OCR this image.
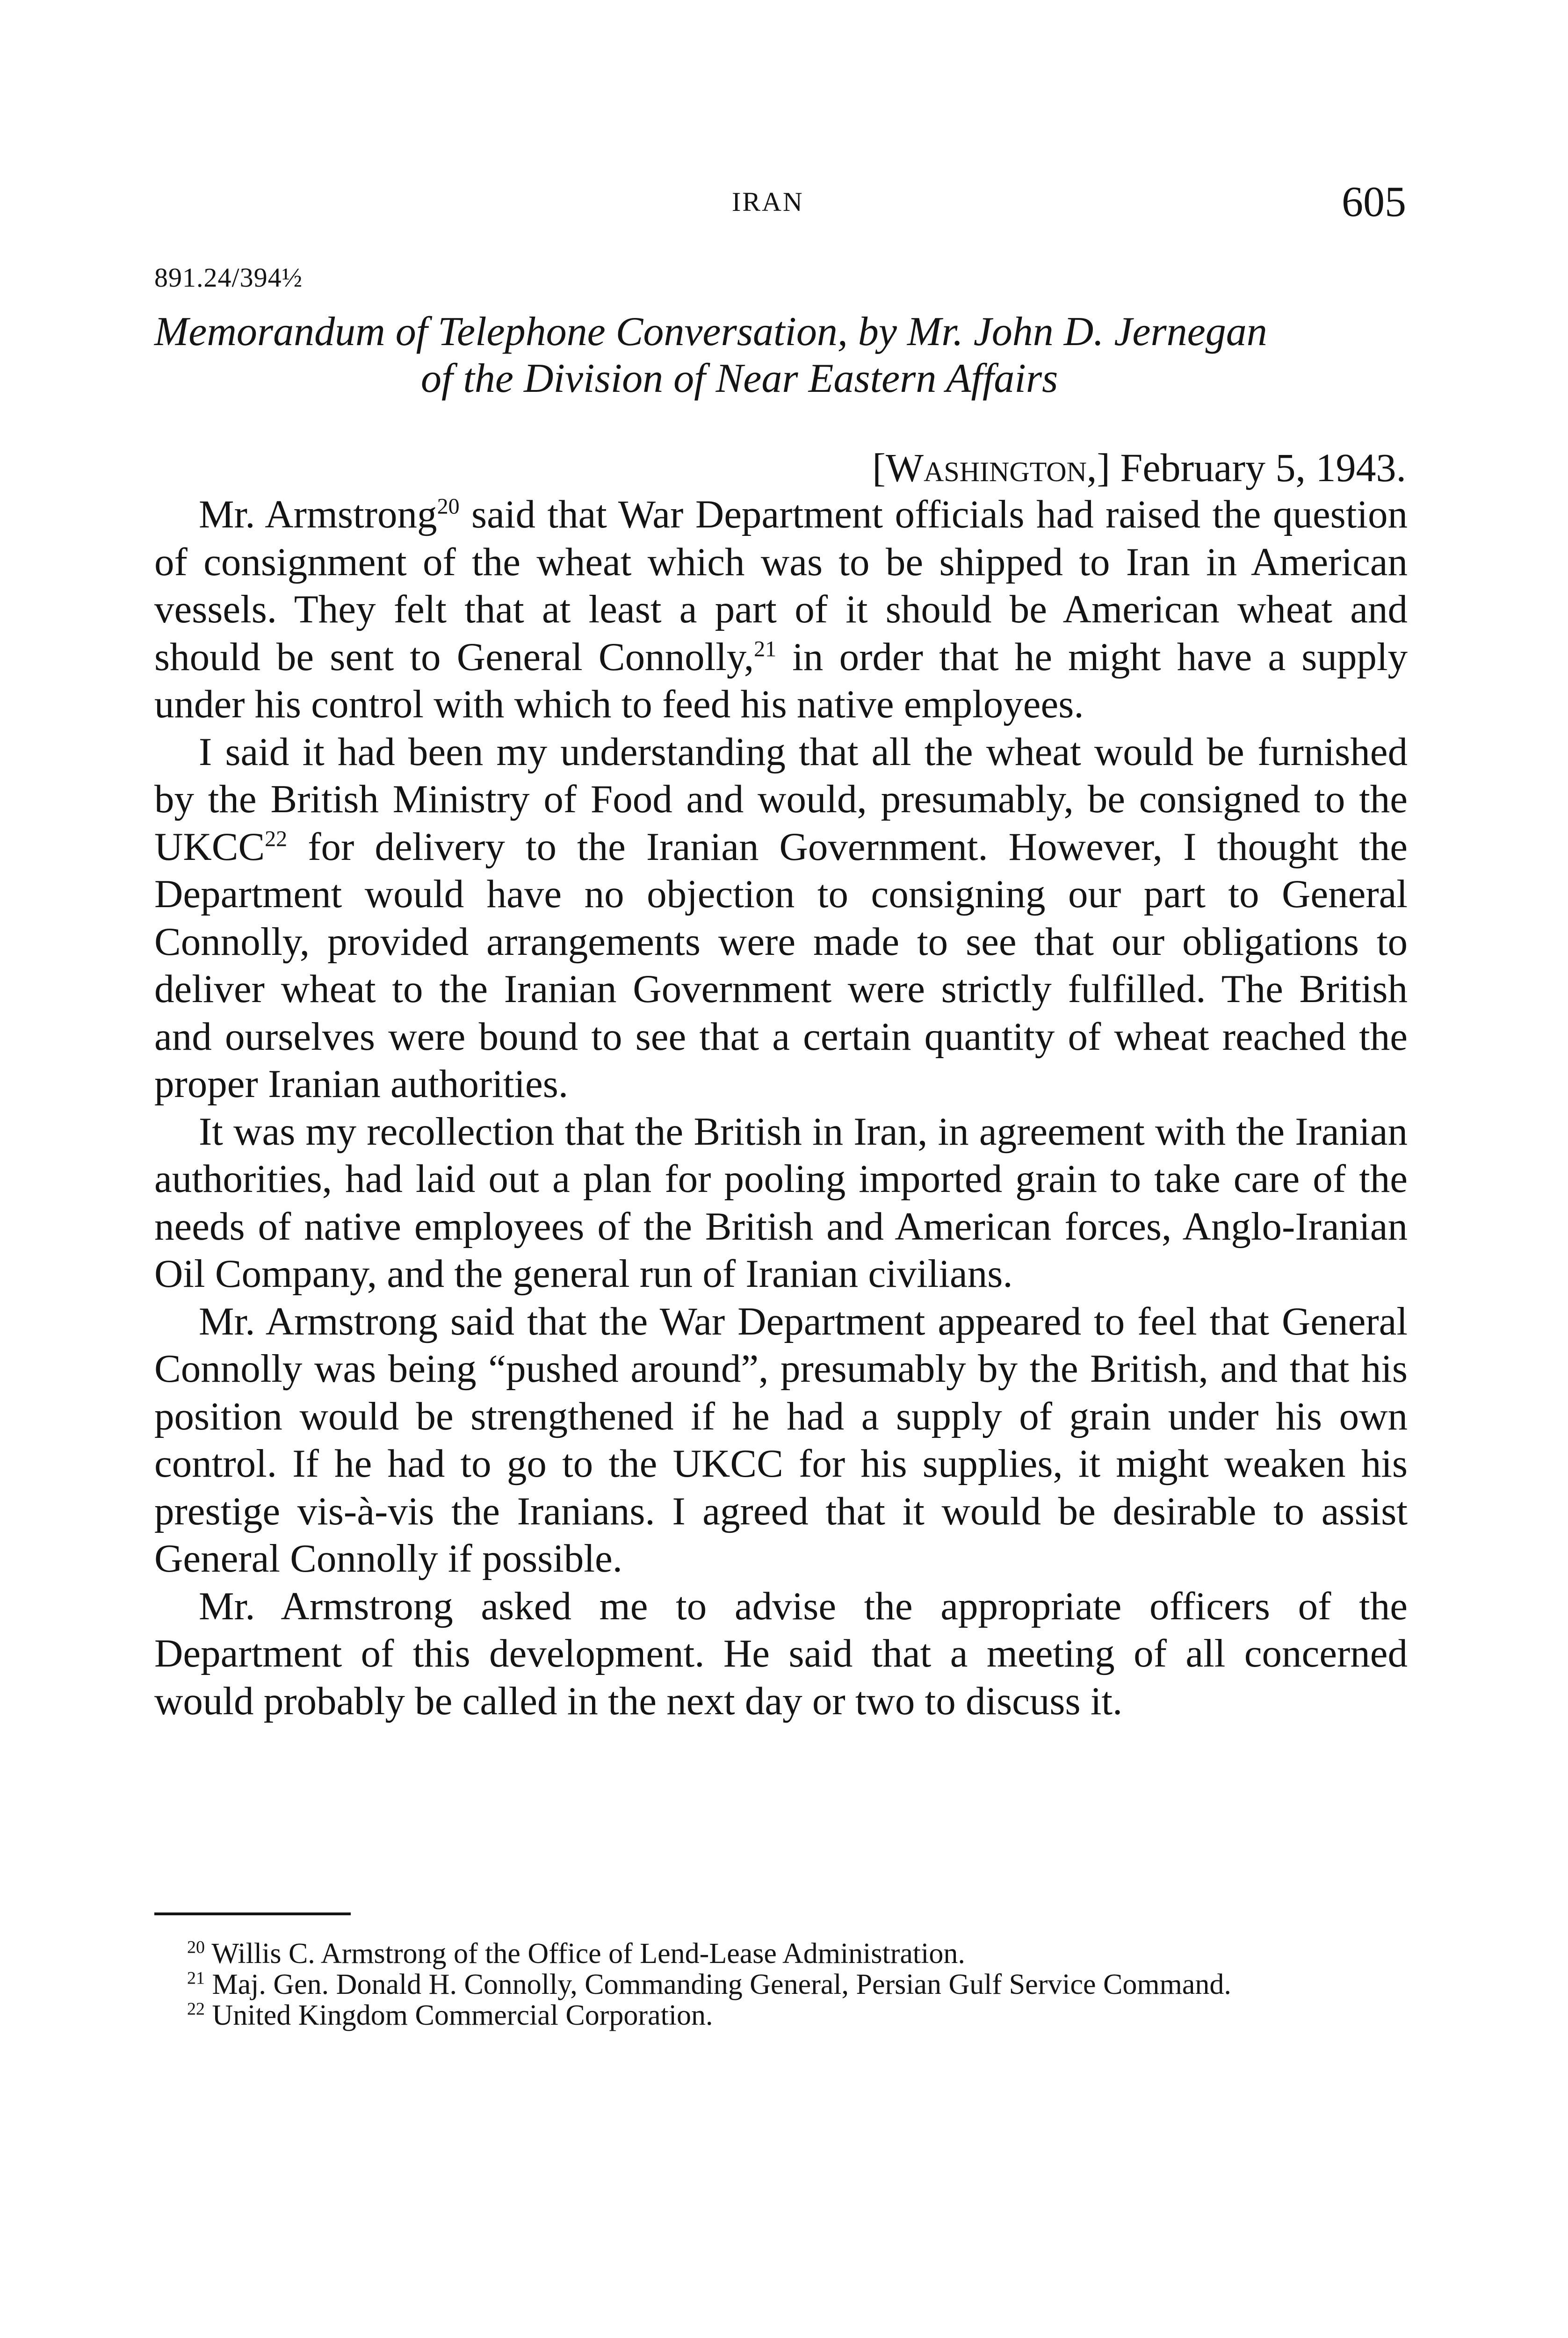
IRAN	605
891.24/394½
Memorandum of Telephone Conversation, by Mr. John D. Jernegan
of the Division of Near Eastern Affairs
[Washington,] February 5, 1943.

Mr. Armstrong$^{20}$ said that War Department officials had raised the question of consignment of the wheat which was to be shipped to Iran in American vessels. They felt that at least a part of it should be American wheat and should be sent to General Connolly,$^{21}$ in order that he might have a supply under his control with which to feed his native employees.

I said it had been my understanding that all the wheat would be furnished by the British Ministry of Food and would, presumably, be consigned to the UKCC$^{22}$ for delivery to the Iranian Government. However, I thought the Department would have no objection to consigning our part to General Connolly, provided arrangements were made to see that our obligations to deliver wheat to the Iranian Government were strictly fulfilled. The British and ourselves were bound to see that a certain quantity of wheat reached the proper Iranian authorities.

It was my recollection that the British in Iran, in agreement with the Iranian authorities, had laid out a plan for pooling imported grain to take care of the needs of native employees of the British and American forces, Anglo-Iranian Oil Company, and the general run of Iranian civilians.

Mr. Armstrong said that the War Department appeared to feel that General Connolly was being “pushed around”, presumably by the British, and that his position would be strengthened if he had a supply of grain under his own control. If he had to go to the UKCC for his supplies, it might weaken his prestige vis-à-vis the Iranians. I agreed that it would be desirable to assist General Connolly if possible.

Mr. Armstrong asked me to advise the appropriate officers of the Department of this development. He said that a meeting of all concerned would probably be called in the next day or two to discuss it.

$^{20}$ Willis C. Armstrong of the Office of Lend-Lease Administration.

$^{21}$ Maj. Gen. Donald H. Connolly, Commanding General, Persian Gulf Service Command.

$^{22}$ United Kingdom Commercial Corporation.
